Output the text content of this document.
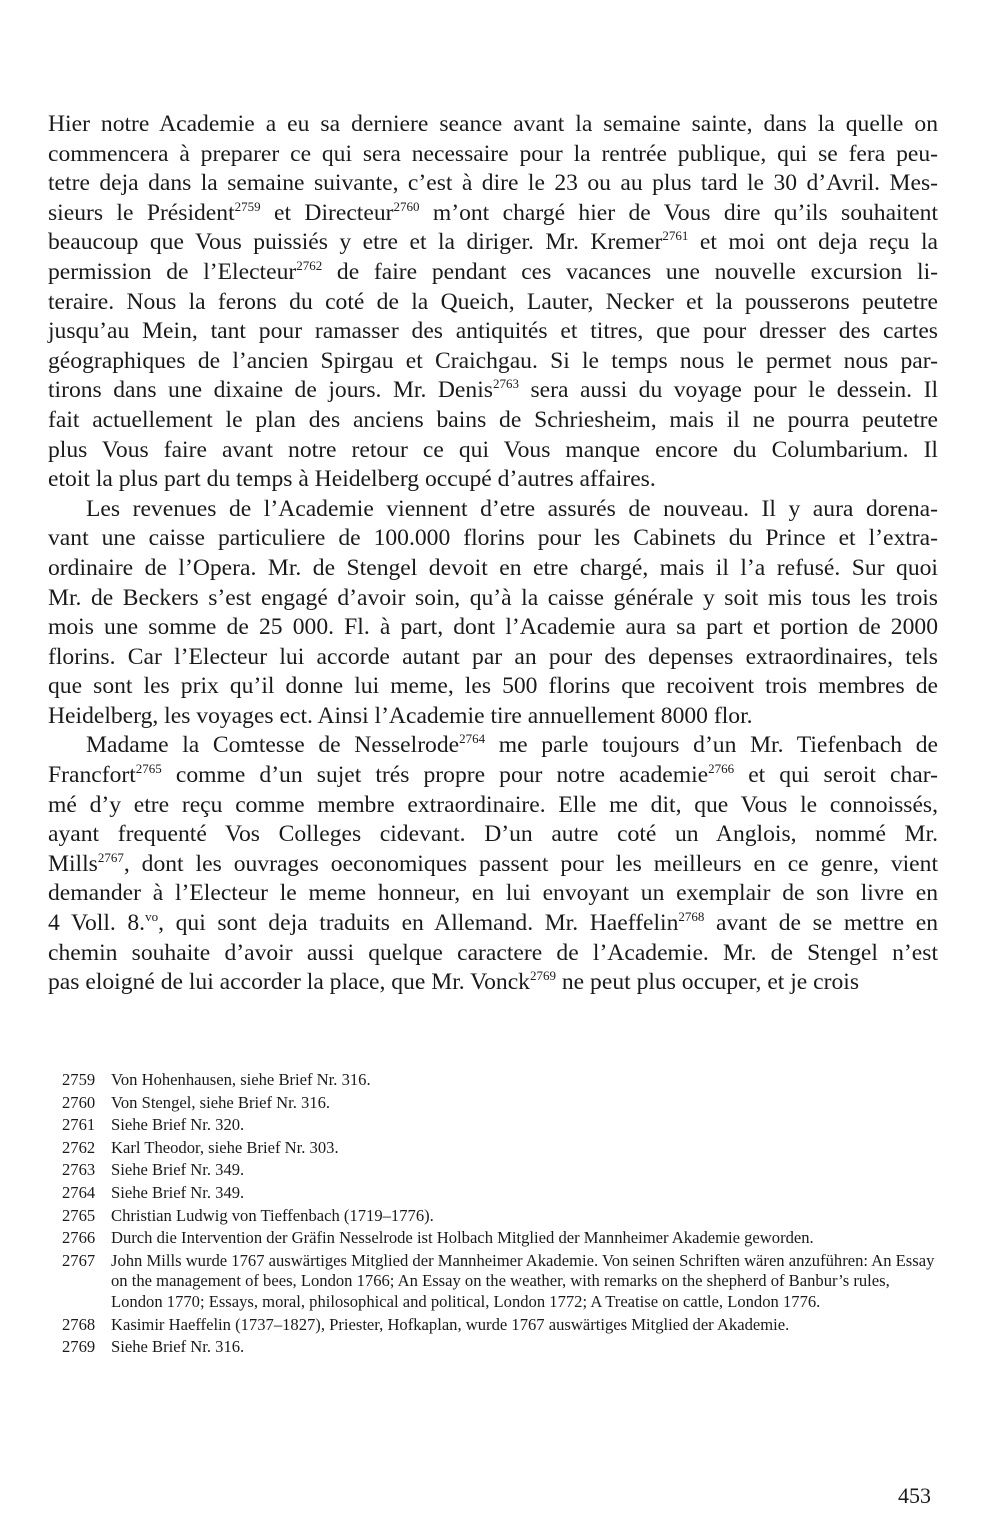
Hier notre Academie a eu sa derniere seance avant la semaine sainte, dans la quelle on
commencera à preparer ce qui sera necessaire pour la rentrée publique, qui se fera peu-
tetre deja dans la semaine suivante, c’est à dire le 23 ou au plus tard le 30 d’Avril. Mes-
sieurs le Président$^{2759}$ et Directeur$^{2760}$ m’ont chargé hier de Vous dire qu’ils souhaitent
beaucoup que Vous puissiés y etre et la diriger. Mr. Kremer$^{2761}$ et moi ont deja reçu la
permission de l’Electeur$^{2762}$ de faire pendant ces vacances une nouvelle excursion li-
teraire. Nous la ferons du coté de la Queich, Lauter, Necker et la pousserons peutetre
jusqu’au Mein, tant pour ramasser des antiquités et titres, que pour dresser des cartes
géographiques de l’ancien Spirgau et Craichgau. Si le temps nous le permet nous par-
tirons dans une dixaine de jours. Mr. Denis$^{2763}$ sera aussi du voyage pour le dessein. Il
fait actuellement le plan des anciens bains de Schriesheim, mais il ne pourra peutetre
plus Vous faire avant notre retour ce qui Vous manque encore du Columbarium. Il
etoit la plus part du temps à Heidelberg occupé d’autres affaires.
Les revenues de l’Academie viennent d’etre assurés de nouveau. Il y aura dorena-
vant une caisse particuliere de 100.000 florins pour les Cabinets du Prince et l’extra-
ordinaire de l’Opera. Mr. de Stengel devoit en etre chargé, mais il l’a refusé. Sur quoi
Mr. de Beckers s’est engagé d’avoir soin, qu’à la caisse générale y soit mis tous les trois
mois une somme de 25 000. Fl. à part, dont l’Academie aura sa part et portion de 2000
florins. Car l’Electeur lui accorde autant par an pour des depenses extraordinaires, tels
que sont les prix qu’il donne lui meme, les 500 florins que recoivent trois membres de
Heidelberg, les voyages ect. Ainsi l’Academie tire annuellement 8000 flor.
Madame la Comtesse de Nesselrode$^{2764}$ me parle toujours d’un Mr. Tiefenbach de
Francfort$^{2765}$ comme d’un sujet trés propre pour notre academie$^{2766}$ et qui seroit char-
mé d’y etre reçu comme membre extraordinaire. Elle me dit, que Vous le connoissés,
ayant frequenté Vos Colleges cidevant. D’un autre coté un Anglois, nommé Mr.
Mills$^{2767}$, dont les ouvrages oeconomiques passent pour les meilleurs en ce genre, vient
demander à l’Electeur le meme honneur, en lui envoyant un exemplair de son livre en
4 Voll. 8.$^{vo}$, qui sont deja traduits en Allemand. Mr. Haeffelin$^{2768}$ avant de se mettre en
chemin souhaite d’avoir aussi quelque caractere de l’Academie. Mr. de Stengel n’est
pas eloigné de lui accorder la place, que Mr. Vonck$^{2769}$ ne peut plus occuper, et je crois
2759 Von Hohenhausen, siehe Brief Nr. 316.
2760 Von Stengel, siehe Brief Nr. 316.
2761 Siehe Brief Nr. 320.
2762 Karl Theodor, siehe Brief Nr. 303.
2763 Siehe Brief Nr. 349.
2764 Siehe Brief Nr. 349.
2765 Christian Ludwig von Tieffenbach (1719–1776).
2766 Durch die Intervention der Gräfin Nesselrode ist Holbach Mitglied der Mannheimer Akademie geworden.
2767 John Mills wurde 1767 auswärtiges Mitglied der Mannheimer Akademie. Von seinen Schriften wären anzuführen: An Essay on the management of bees, London 1766; An Essay on the weather, with remarks on the shepherd of Banbur’s rules, London 1770; Essays, moral, philosophical and political, London 1772; A Treatise on cattle, London 1776.
2768 Kasimir Haeffelin (1737–1827), Priester, Hofkaplan, wurde 1767 auswärtiges Mitglied der Akademie.
2769 Siehe Brief Nr. 316.
453
